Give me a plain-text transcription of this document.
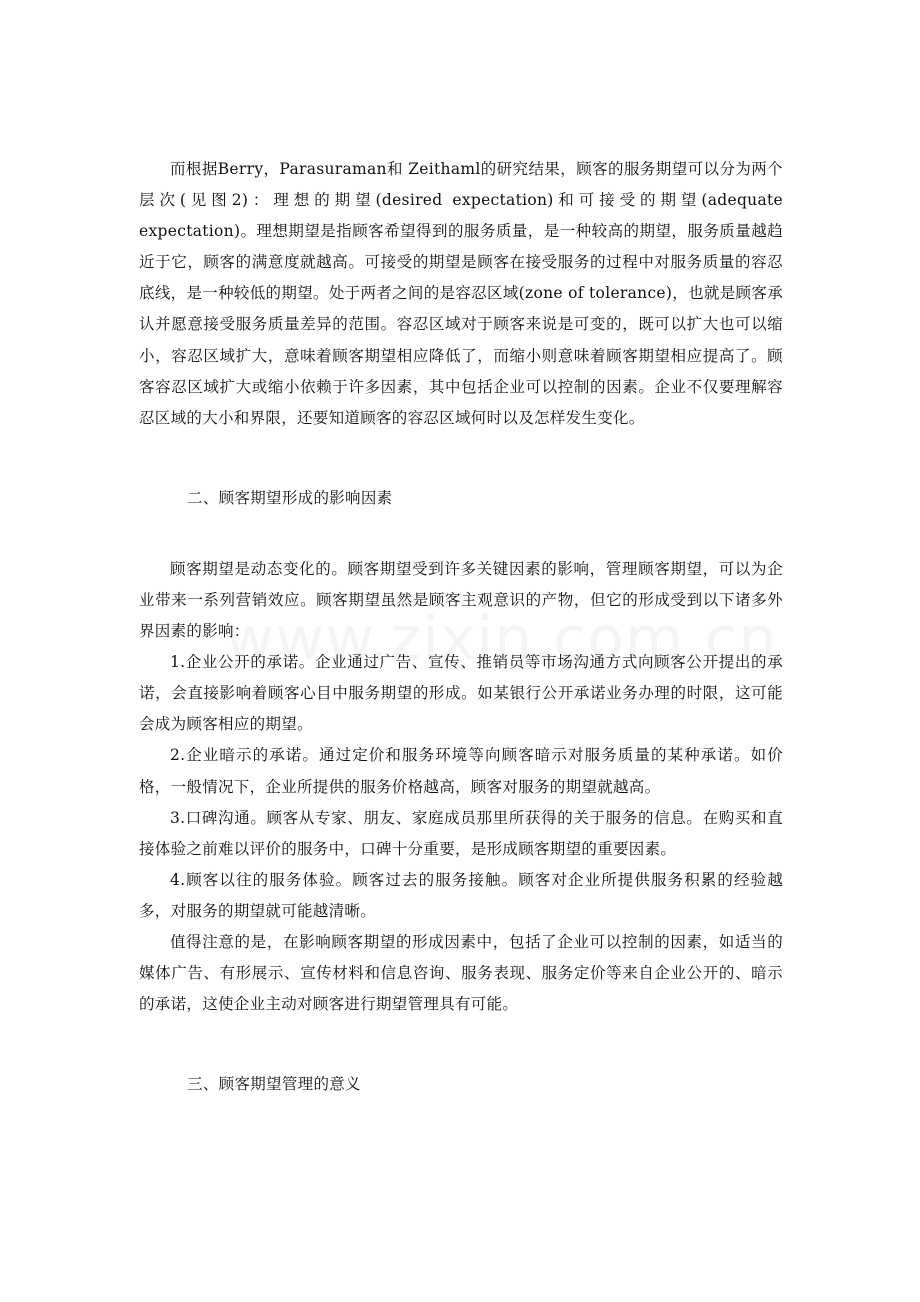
而根据Berry，Parasuraman和 Zeithaml的研究结果，顾客的服务期望可以分为两个层次(见图2)：理想的期望(desired expectation)和可接受的期望(adequate expectation)。理想期望是指顾客希望得到的服务质量，是一种较高的期望，服务质量越趋近于它，顾客的满意度就越高。可接受的期望是顾客在接受服务的过程中对服务质量的容忍底线，是一种较低的期望。处于两者之间的是容忍区域(zone of tolerance)，也就是顾客承认并愿意接受服务质量差异的范围。容忍区域对于顾客来说是可变的，既可以扩大也可以缩小，容忍区域扩大，意味着顾客期望相应降低了，而缩小则意味着顾客期望相应提高了。顾客容忍区域扩大或缩小依赖于许多因素，其中包括企业可以控制的因素。企业不仅要理解容忍区域的大小和界限，还要知道顾客的容忍区域何时以及怎样发生变化。

二、顾客期望形成的影响因素

顾客期望是动态变化的。顾客期望受到许多关键因素的影响，管理顾客期望，可以为企业带来一系列营销效应。顾客期望虽然是顾客主观意识的产物，但它的形成受到以下诸多外界因素的影响：

1.企业公开的承诺。企业通过广告、宣传、推销员等市场沟通方式向顾客公开提出的承诺，会直接影响着顾客心目中服务期望的形成。如某银行公开承诺业务办理的时限，这可能会成为顾客相应的期望。

2.企业暗示的承诺。通过定价和服务环境等向顾客暗示对服务质量的某种承诺。如价格，一般情况下，企业所提供的服务价格越高，顾客对服务的期望就越高。

3.口碑沟通。顾客从专家、朋友、家庭成员那里所获得的关于服务的信息。在购买和直接体验之前难以评价的服务中，口碑十分重要，是形成顾客期望的重要因素。

4.顾客以往的服务体验。顾客过去的服务接触。顾客对企业所提供服务积累的经验越多，对服务的期望就可能越清晰。

值得注意的是，在影响顾客期望的形成因素中，包括了企业可以控制的因素，如适当的媒体广告、有形展示、宣传材料和信息咨询、服务表现、服务定价等来自企业公开的、暗示的承诺，这使企业主动对顾客进行期望管理具有可能。

三、顾客期望管理的意义
